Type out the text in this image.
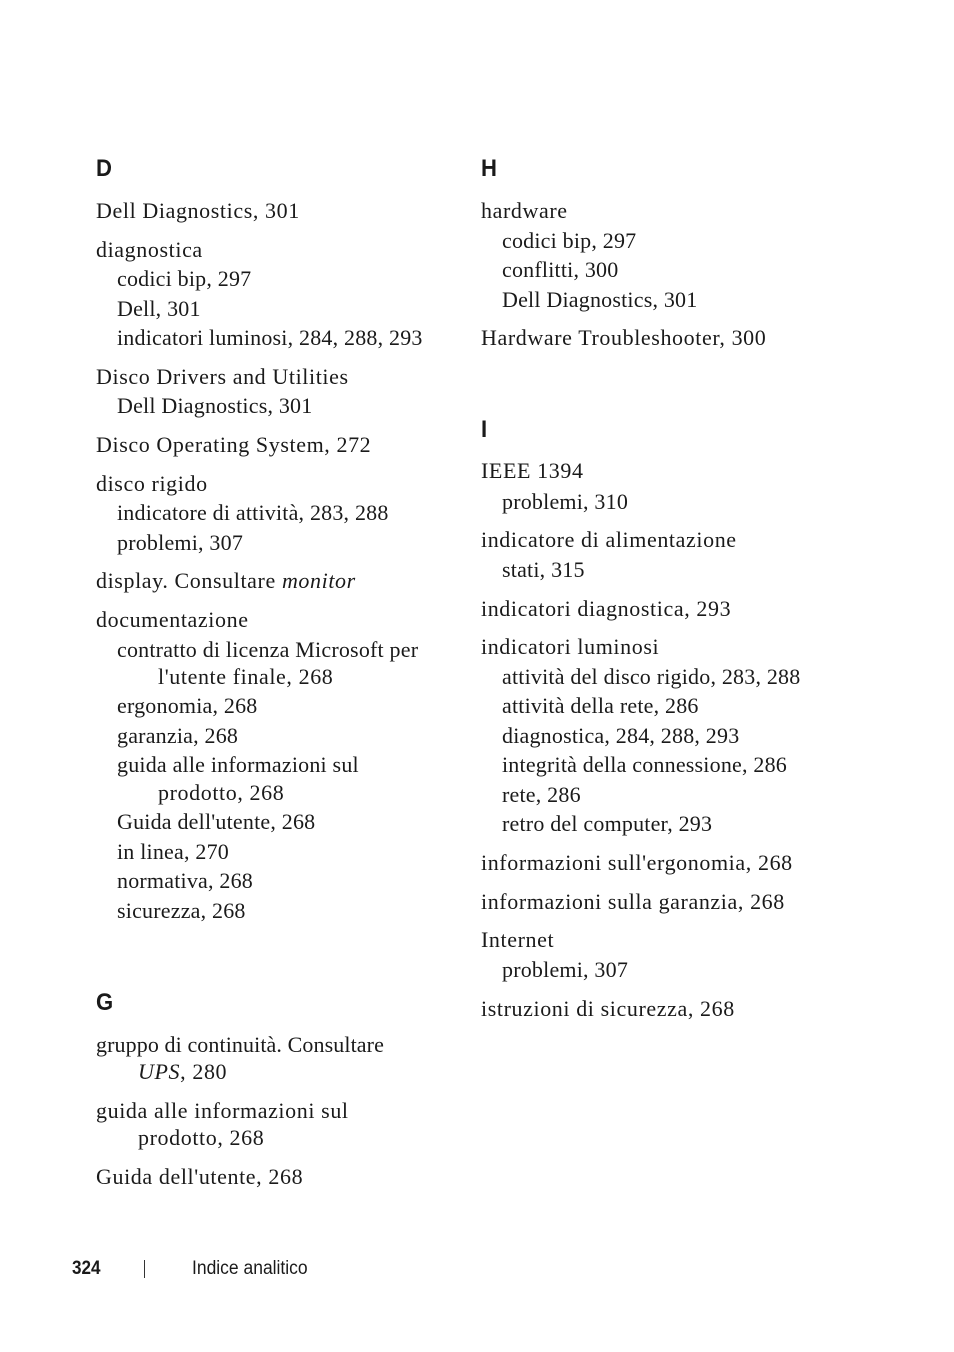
D
Dell Diagnostics, 301
diagnostica
codici bip, 297
Dell, 301
indicatori luminosi, 284, 288, 293
Disco Drivers and Utilities
Dell Diagnostics, 301
Disco Operating System, 272
disco rigido
indicatore di attività, 283, 288
problemi, 307
display. Consultare monitor
documentazione
contratto di licenza Microsoft per
l'utente finale, 268
ergonomia, 268
garanzia, 268
guida alle informazioni sul
prodotto, 268
Guida dell'utente, 268
in linea, 270
normativa, 268
sicurezza, 268
G
gruppo di continuità. Consultare
UPS, 280
guida alle informazioni sul
prodotto, 268
Guida dell'utente, 268
H
hardware
codici bip, 297
conflitti, 300
Dell Diagnostics, 301
Hardware Troubleshooter, 300
I
IEEE 1394
problemi, 310
indicatore di alimentazione
stati, 315
indicatori diagnostica, 293
indicatori luminosi
attività del disco rigido, 283, 288
attività della rete, 286
diagnostica, 284, 288, 293
integrità della connessione, 286
rete, 286
retro del computer, 293
informazioni sull'ergonomia, 268
informazioni sulla garanzia, 268
Internet
problemi, 307
istruzioni di sicurezza, 268
324	Indice analitico
